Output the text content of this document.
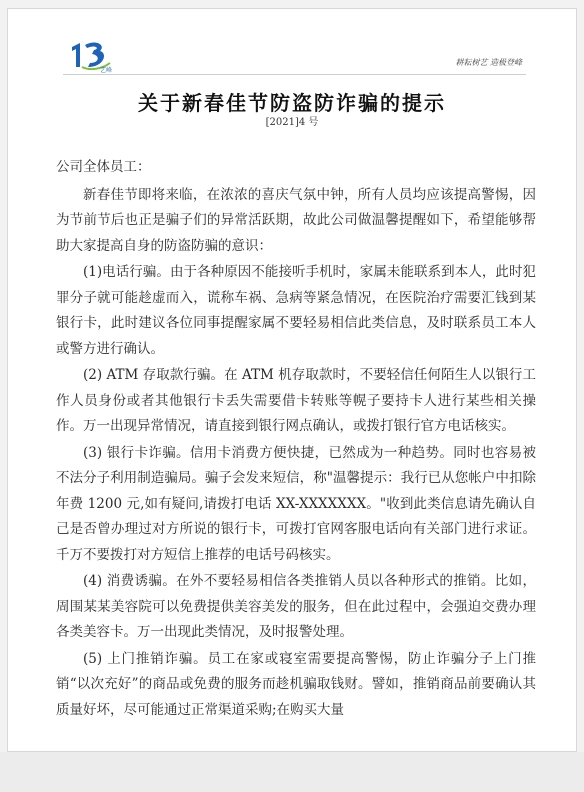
艺峰
耕耘树艺 造极登峰
关于新春佳节防盗防诈骗的提示
[2021]4 号

公司全体员工：

新春佳节即将来临，在浓浓的喜庆气氛中钟，所有人员均应该提高警惕，因为节前节后也正是骗子们的异常活跃期，故此公司做温馨提醒如下，希望能够帮助大家提高自身的防盗防骗的意识：

(1)电话行骗。由于各种原因不能接听手机时，家属未能联系到本人，此时犯罪分子就可能趁虚而入，谎称车祸、急病等紧急情况，在医院治疗需要汇钱到某银行卡，此时建议各位同事提醒家属不要轻易相信此类信息，及时联系员工本人或警方进行确认。

(2) ATM 存取款行骗。在 ATM 机存取款时，不要轻信任何陌生人以银行工作人员身份或者其他银行卡丢失需要借卡转账等幌子要持卡人进行某些相关操作。万一出现异常情况，请直接到银行网点确认，或拨打银行官方电话核实。

(3) 银行卡诈骗。信用卡消费方便快捷，已然成为一种趋势。同时也容易被不法分子利用制造骗局。骗子会发来短信，称"温馨提示：我行已从您帐户中扣除年费 1200 元,如有疑问,请拨打电话 XX-XXXXXXX。"收到此类信息请先确认自己是否曾办理过对方所说的银行卡，可拨打官网客服电话向有关部门进行求证。千万不要拨打对方短信上推荐的电话号码核实。

(4) 消费诱骗。在外不要轻易相信各类推销人员以各种形式的推销。比如，周围某某美容院可以免费提供美容美发的服务，但在此过程中，会强迫交费办理各类美容卡。万一出现此类情况，及时报警处理。

(5) 上门推销诈骗。员工在家或寝室需要提高警惕，防止诈骗分子上门推销“以次充好”的商品或免费的服务而趁机骗取钱财。譬如，推销商品前要确认其质量好坏，尽可能通过正常渠道采购;在购买大量
